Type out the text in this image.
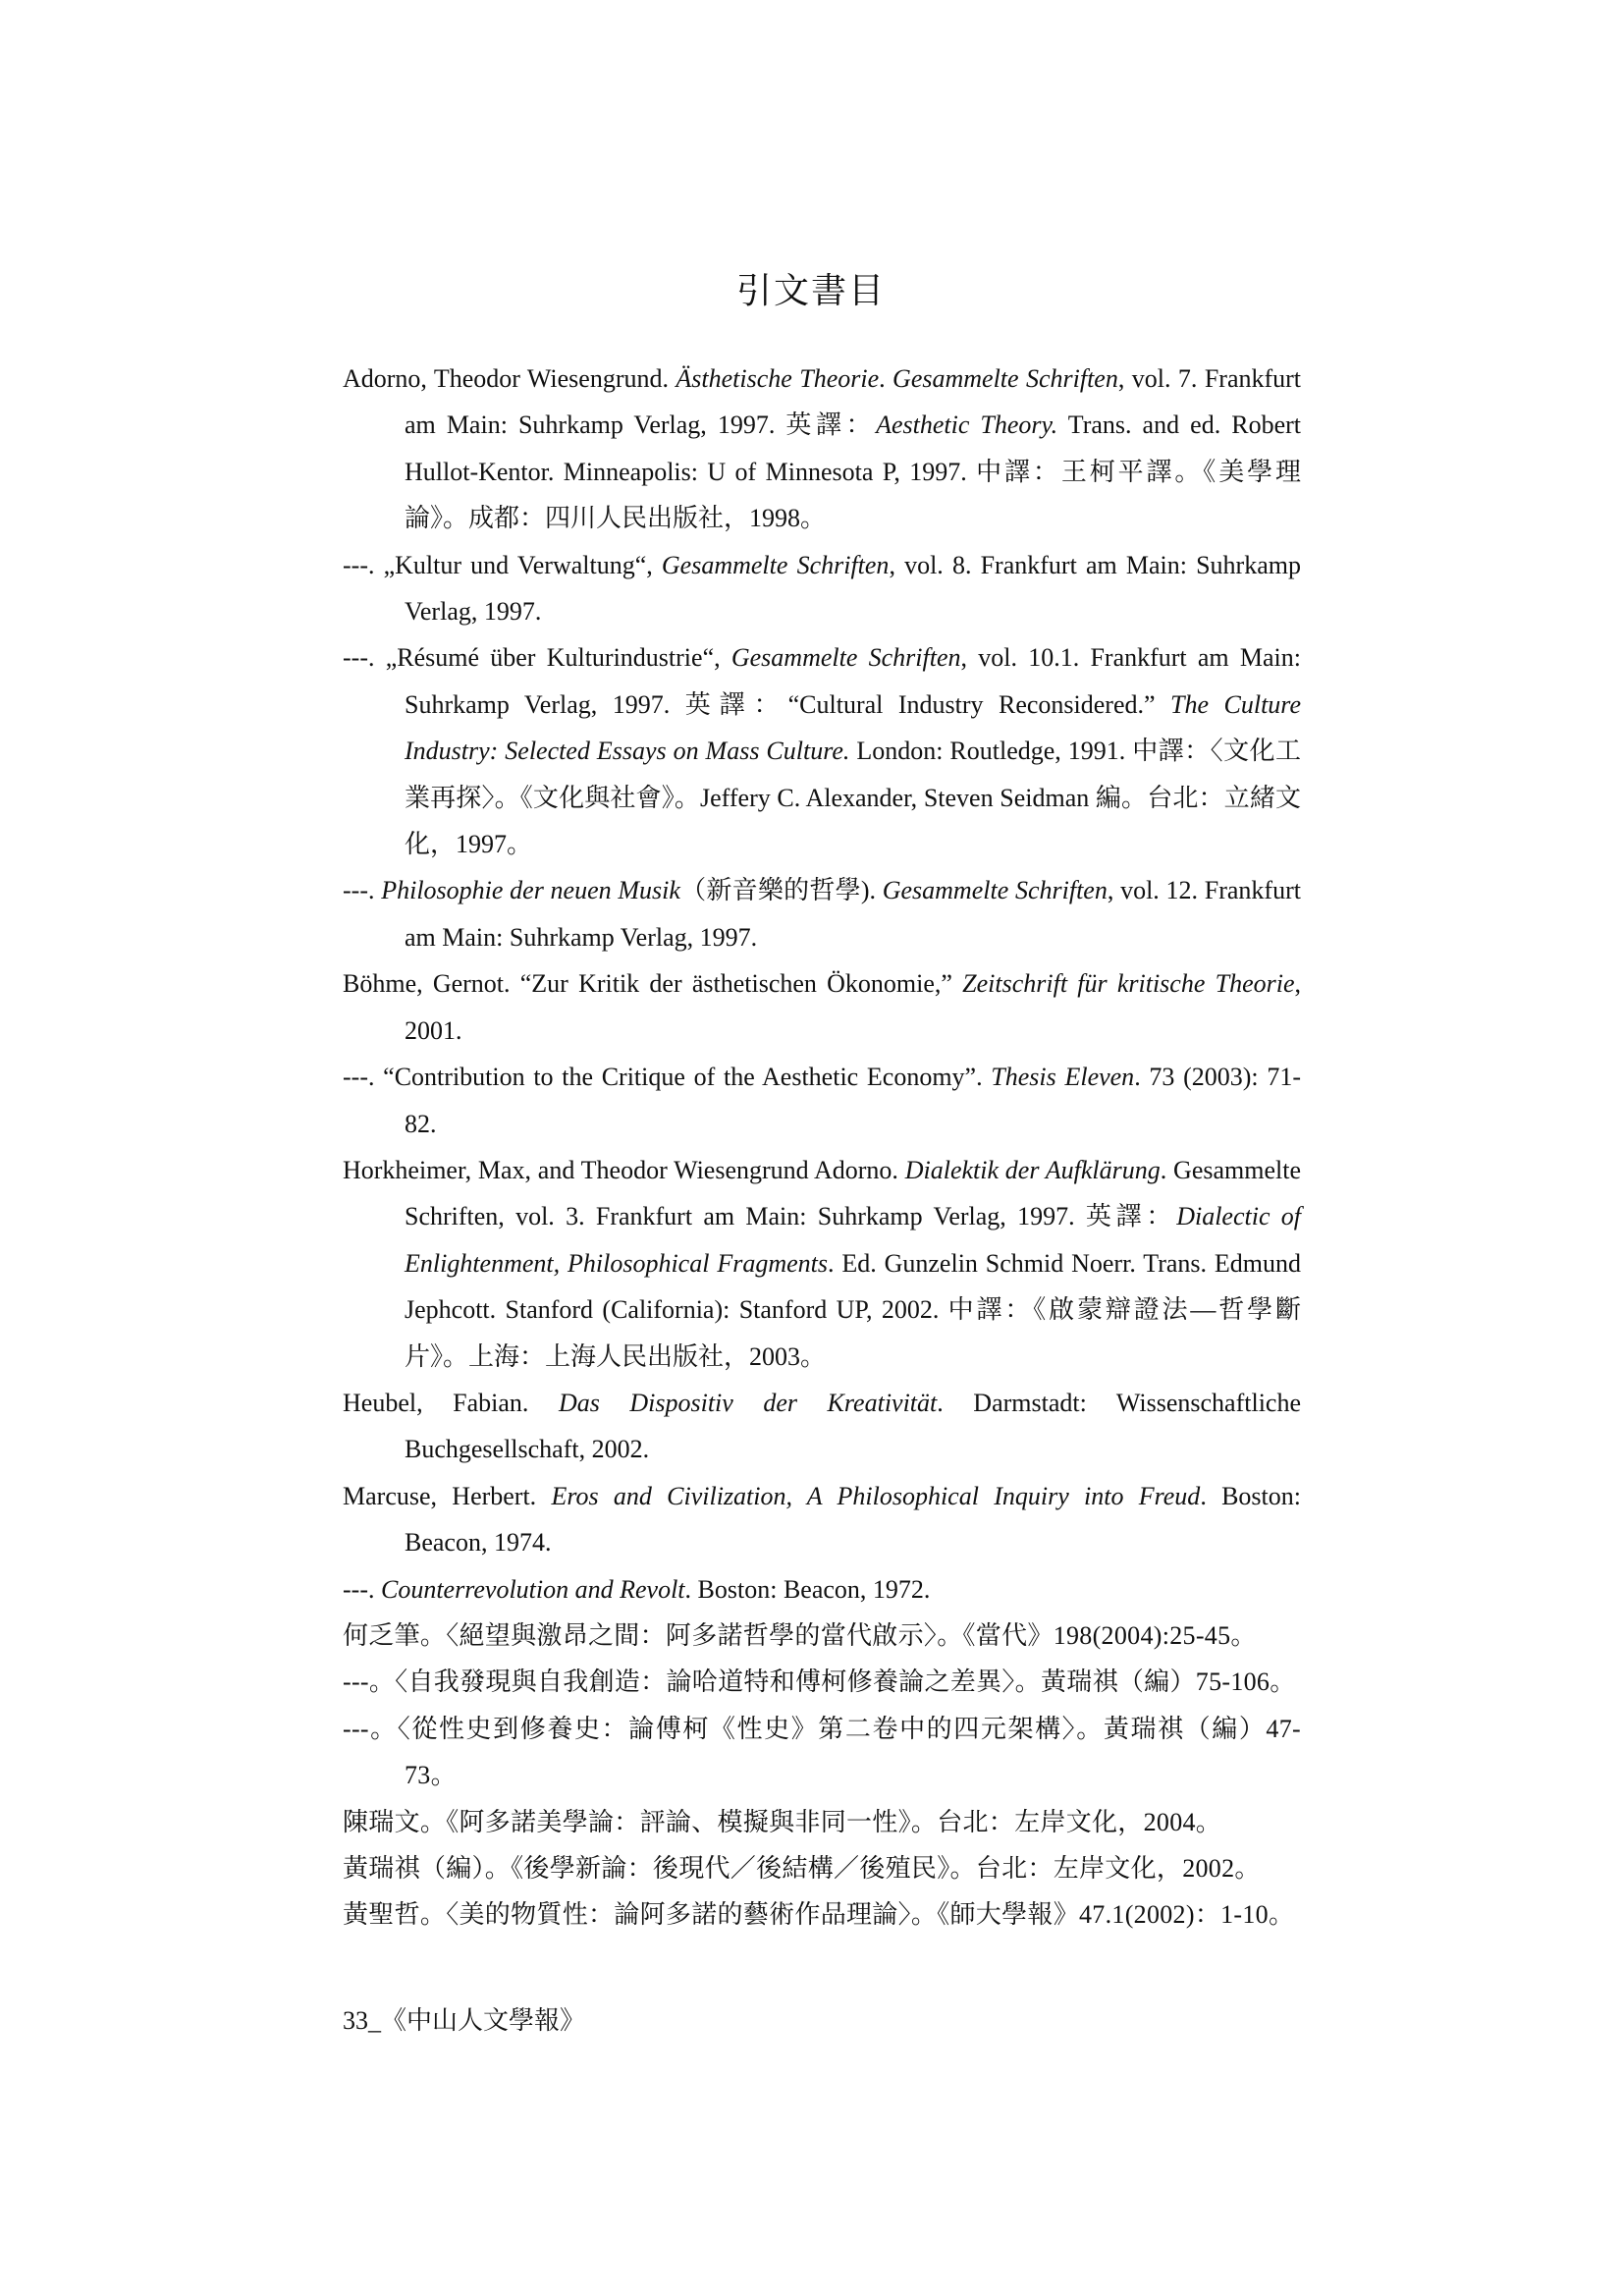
引文書目

Adorno, Theodor Wiesengrund. Ästhetische Theorie. Gesammelte Schriften, vol. 7. Frankfurt am Main: Suhrkamp Verlag, 1997. 英譯：Aesthetic Theory. Trans. and ed. Robert Hullot-Kentor. Minneapolis: U of Minnesota P, 1997. 中譯：王柯平譯。《美學理論》。成都：四川人民出版社，1998。

---. „Kultur und Verwaltung“, Gesammelte Schriften, vol. 8. Frankfurt am Main: Suhrkamp Verlag, 1997.

---. „Résumé über Kulturindustrie“, Gesammelte Schriften, vol. 10.1. Frankfurt am Main: Suhrkamp Verlag, 1997. 英譯：“Cultural Industry Reconsidered.” The Culture Industry: Selected Essays on Mass Culture. London: Routledge, 1991. 中譯：〈文化工業再探〉。《文化與社會》。Jeffery C. Alexander, Steven Seidman 編。台北：立緒文化，1997。

---. Philosophie der neuen Musik（新音樂的哲學). Gesammelte Schriften, vol. 12. Frankfurt am Main: Suhrkamp Verlag, 1997.

Böhme, Gernot. “Zur Kritik der ästhetischen Ökonomie,” Zeitschrift für kritische Theorie, 2001.

---. “Contribution to the Critique of the Aesthetic Economy”. Thesis Eleven. 73 (2003): 71-82.

Horkheimer, Max, and Theodor Wiesengrund Adorno. Dialektik der Aufklärung. Gesammelte Schriften, vol. 3. Frankfurt am Main: Suhrkamp Verlag, 1997. 英譯：Dialectic of Enlightenment, Philosophical Fragments. Ed. Gunzelin Schmid Noerr. Trans. Edmund Jephcott. Stanford (California): Stanford UP, 2002. 中譯：《啟蒙辯證法—哲學斷片》。上海：上海人民出版社，2003。

Heubel, Fabian. Das Dispositiv der Kreativität. Darmstadt: Wissenschaftliche Buchgesellschaft, 2002.

Marcuse, Herbert. Eros and Civilization, A Philosophical Inquiry into Freud. Boston: Beacon, 1974.

---. Counterrevolution and Revolt. Boston: Beacon, 1972.

何乏筆。〈絕望與激昂之間：阿多諾哲學的當代啟示〉。《當代》198(2004):25-45。

---。〈自我發現與自我創造：論哈道特和傅柯修養論之差異〉。黃瑞祺（編）75-106。

---。〈從性史到修養史：論傅柯《性史》第二卷中的四元架構〉。黃瑞祺（編）47-73。

陳瑞文。《阿多諾美學論：評論、模擬與非同一性》。台北：左岸文化，2004。

黃瑞祺（編）。《後學新論：後現代／後結構／後殖民》。台北：左岸文化，2002。

黃聖哲。〈美的物質性：論阿多諾的藝術作品理論〉。《師大學報》47.1(2002)：1-10。

33_《中山人文學報》
